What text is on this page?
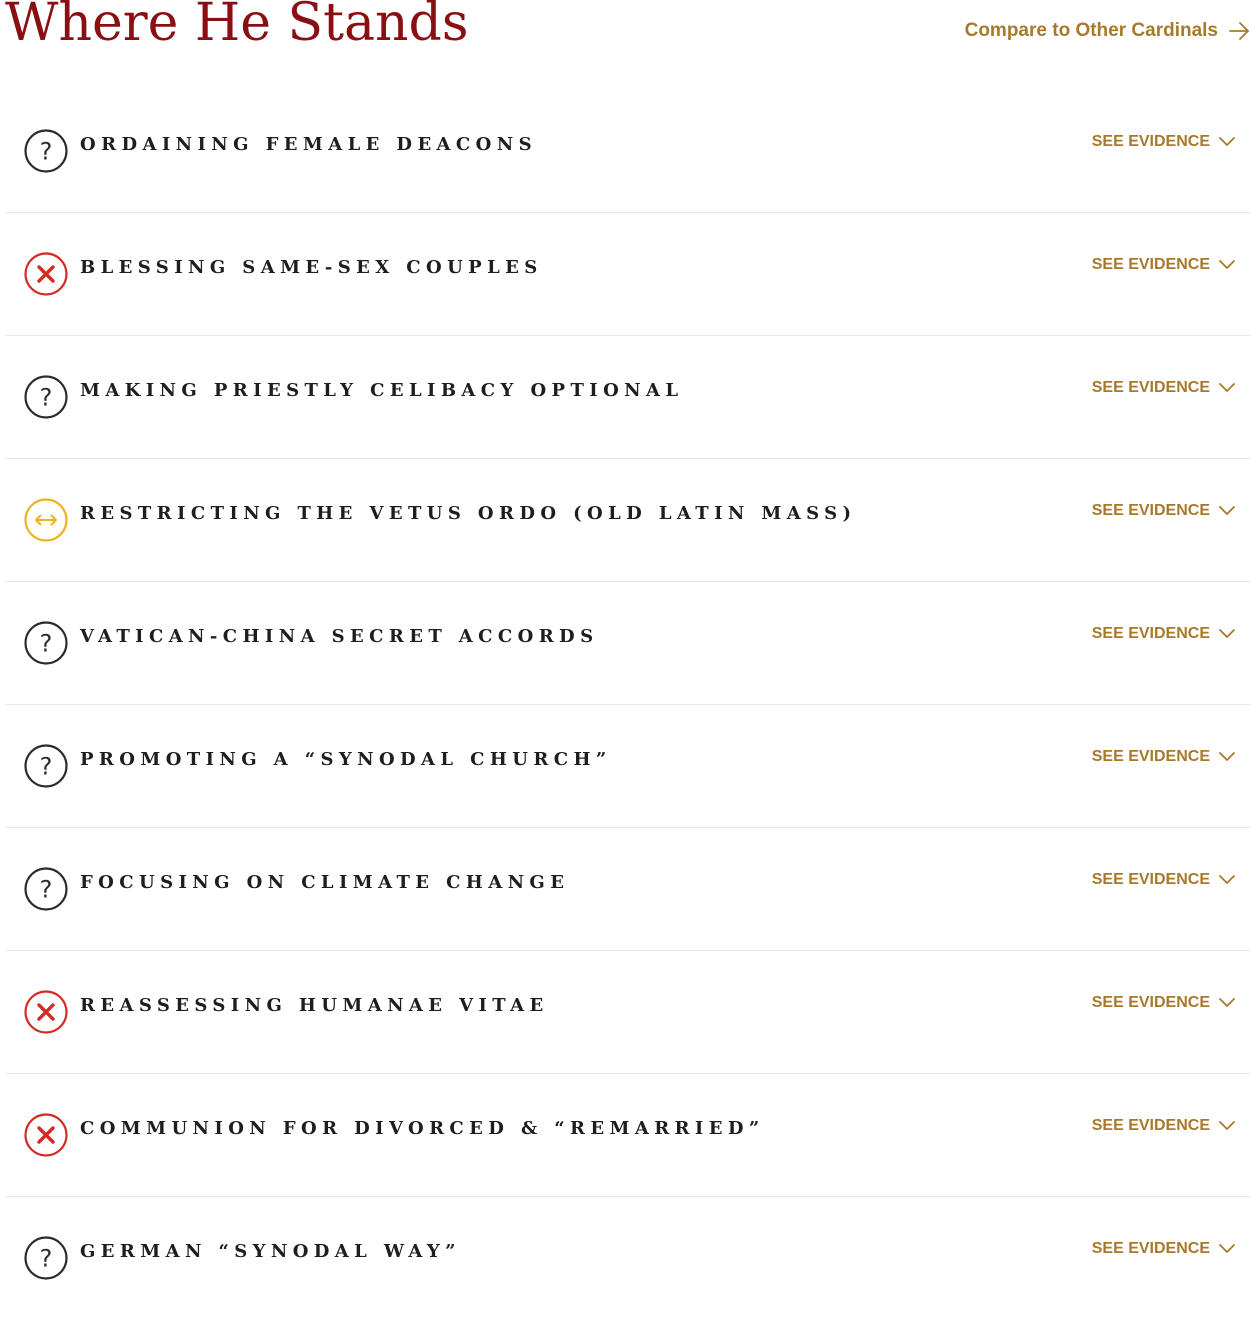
Where He Stands	Compare to Other Cardinals
? ORDAINING FEMALE DEACONS	SEE EVIDENCE
BLESSING SAME-SEX COUPLES	SEE EVIDENCE
? MAKING PRIESTLY CELIBACY OPTIONAL	SEE EVIDENCE
RESTRICTING THE VETUS ORDO (OLD LATIN MASS)	SEE EVIDENCE
? VATICAN-CHINA SECRET ACCORDS	SEE EVIDENCE
? PROMOTING A “SYNODAL CHURCH”	SEE EVIDENCE
? FOCUSING ON CLIMATE CHANGE	SEE EVIDENCE
REASSESSING HUMANAE VITAE	SEE EVIDENCE
COMMUNION FOR DIVORCED & “REMARRIED”	SEE EVIDENCE
? GERMAN “SYNODAL WAY”	SEE EVIDENCE
